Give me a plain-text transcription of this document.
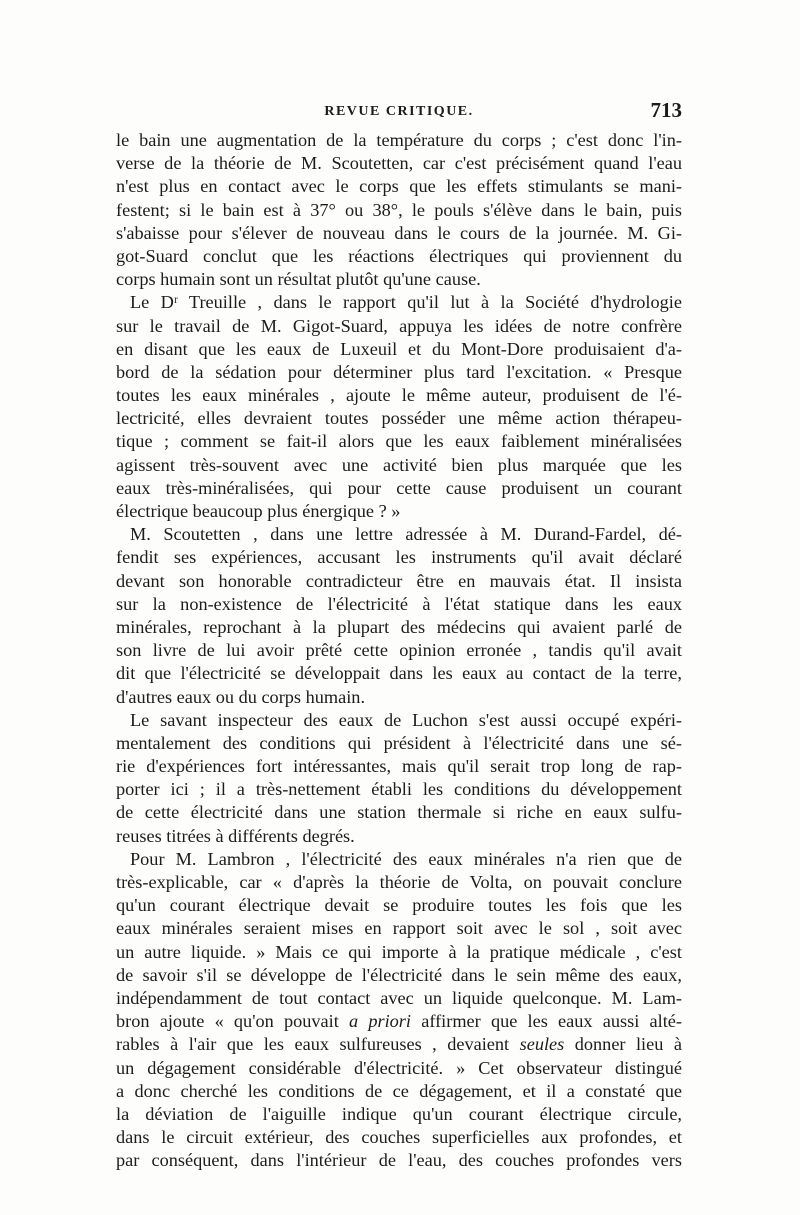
REVUE CRITIQUE.	713
le bain une augmentation de la température du corps ; c'est donc l'in-
verse de la théorie de M. Scoutetten, car c'est précisément quand l'eau
n'est plus en contact avec le corps que les effets stimulants se mani-
festent; si le bain est à 37° ou 38°, le pouls s'élève dans le bain, puis
s'abaisse pour s'élever de nouveau dans le cours de la journée. M. Gi-
got-Suard conclut que les réactions électriques qui proviennent du
corps humain sont un résultat plutôt qu'une cause.
Le Dʳ Treuille , dans le rapport qu'il lut à la Société d'hydrologie
sur le travail de M. Gigot-Suard, appuya les idées de notre confrère
en disant que les eaux de Luxeuil et du Mont-Dore produisaient d'a-
bord de la sédation pour déterminer plus tard l'excitation. « Presque
toutes les eaux minérales , ajoute le même auteur, produisent de l'é-
lectricité, elles devraient toutes posséder une même action thérapeu-
tique ; comment se fait-il alors que les eaux faiblement minéralisées
agissent très-souvent avec une activité bien plus marquée que les
eaux très-minéralisées, qui pour cette cause produisent un courant
électrique beaucoup plus énergique ? »
M. Scoutetten , dans une lettre adressée à M. Durand-Fardel, dé-
fendit ses expériences, accusant les instruments qu'il avait déclaré
devant son honorable contradicteur être en mauvais état. Il insista
sur la non-existence de l'électricité à l'état statique dans les eaux
minérales, reprochant à la plupart des médecins qui avaient parlé de
son livre de lui avoir prêté cette opinion erronée , tandis qu'il avait
dit que l'électricité se développait dans les eaux au contact de la terre,
d'autres eaux ou du corps humain.
Le savant inspecteur des eaux de Luchon s'est aussi occupé expéri-
mentalement des conditions qui président à l'électricité dans une sé-
rie d'expériences fort intéressantes, mais qu'il serait trop long de rap-
porter ici ; il a très-nettement établi les conditions du développement
de cette électricité dans une station thermale si riche en eaux sulfu-
reuses titrées à différents degrés.
Pour M. Lambron , l'électricité des eaux minérales n'a rien que de
très-explicable, car « d'après la théorie de Volta, on pouvait conclure
qu'un courant électrique devait se produire toutes les fois que les
eaux minérales seraient mises en rapport soit avec le sol , soit avec
un autre liquide. » Mais ce qui importe à la pratique médicale , c'est
de savoir s'il se développe de l'électricité dans le sein même des eaux,
indépendamment de tout contact avec un liquide quelconque. M. Lam-
bron ajoute « qu'on pouvait a priori affirmer que les eaux aussi alté-
rables à l'air que les eaux sulfureuses , devaient seules donner lieu à
un dégagement considérable d'électricité. » Cet observateur distingué
a donc cherché les conditions de ce dégagement, et il a constaté que
la déviation de l'aiguille indique qu'un courant électrique circule,
dans le circuit extérieur, des couches superficielles aux profondes, et
par conséquent, dans l'intérieur de l'eau, des couches profondes vers
